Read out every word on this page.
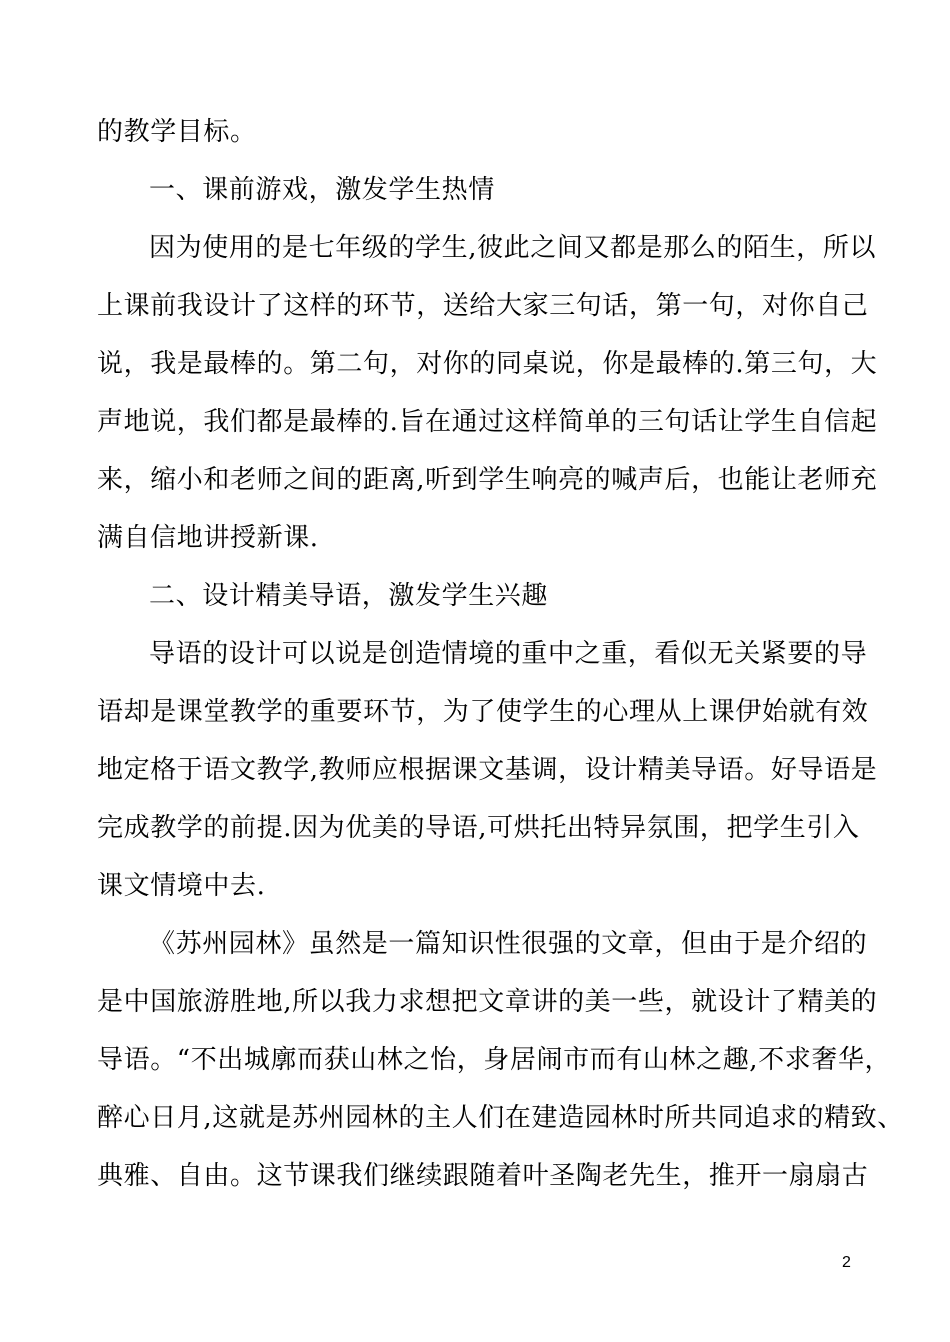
的教学目标。
一、课前游戏，激发学生热情
因为使用的是七年级的学生,彼此之间又都是那么的陌生，所以
上课前我设计了这样的环节，送给大家三句话，第一句，对你自己
说，我是最棒的。第二句，对你的同桌说，你是最棒的.第三句，大
声地说，我们都是最棒的.旨在通过这样简单的三句话让学生自信起
来，缩小和老师之间的距离,听到学生响亮的喊声后，也能让老师充
满自信地讲授新课.
二、设计精美导语，激发学生兴趣
导语的设计可以说是创造情境的重中之重，看似无关紧要的导
语却是课堂教学的重要环节，为了使学生的心理从上课伊始就有效
地定格于语文教学,教师应根据课文基调，设计精美导语。好导语是
完成教学的前提.因为优美的导语,可烘托出特异氛围，把学生引入
课文情境中去.
《苏州园林》虽然是一篇知识性很强的文章，但由于是介绍的
是中国旅游胜地,所以我力求想把文章讲的美一些，就设计了精美的
导语。“不出城廓而获山林之怡，身居闹市而有山林之趣,不求奢华，
醉心日月,这就是苏州园林的主人们在建造园林时所共同追求的精致、
典雅、自由。这节课我们继续跟随着叶圣陶老先生，推开一扇扇古
2
